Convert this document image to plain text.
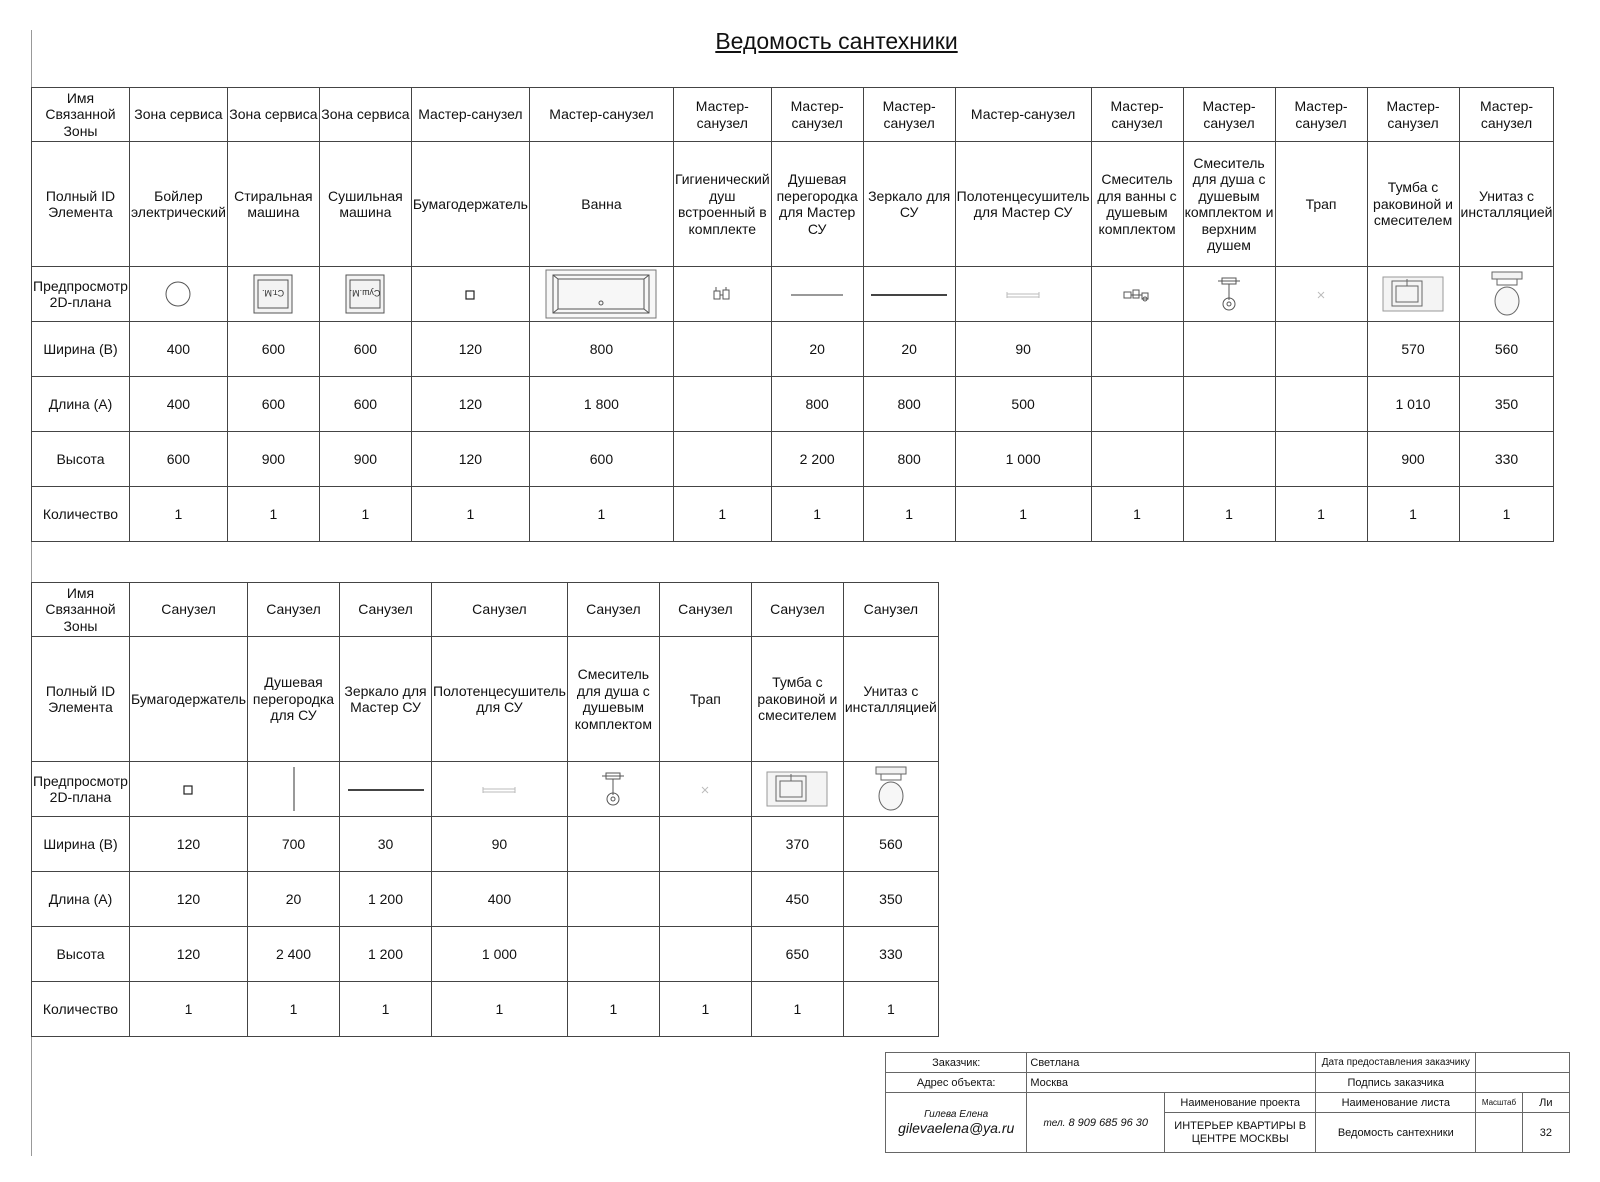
Ведомость сантехники
Имя Связанной Зоны	Зона сервиса	Зона сервиса	Зона сервиса	Мастер-санузел	Мастер-санузел	Мастер-санузел	Мастер-санузел	Мастер-санузел	Мастер-санузел	Мастер-санузел	Мастер-санузел	Мастер-санузел	Мастер-санузел	Мастер-санузел
Полный ID Элемента	Бойлер электрический	Стиральная машина	Сушильная машина	Бумагодержатель	Ванна	Гигиенический душ встроенный в комплекте	Душевая перегородка для Мастер СУ	Зеркало для СУ	Полотенцесушитель для Мастер СУ	Смеситель для ванны с душевым комплектом	Смеситель для душа с душевым комплектом и верхним душем	Трап	Тумба с раковиной и смесителем	Унитаз с инсталляцией
Предпросмотр 2D-плана		Ст.М.	Суш.М.

Ширина (В)	400	600	600	120	800		20	20	90				570	560
Длина (А)	400	600	600	120	1 800		800	800	500				1 010	350
Высота	600	900	900	120	600		2 200	800	1 000				900	330
Количество	1	1	1	1	1	1	1	1	1	1	1	1	1	1
Имя Связанной Зоны	Санузел	Санузел	Санузел	Санузел	Санузел	Санузел	Санузел	Санузел
Полный ID Элемента	Бумагодержатель	Душевая перегородка для СУ	Зеркало для Мастер СУ	Полотенцесушитель для СУ	Смеситель для душа с душевым комплектом	Трап	Тумба с раковиной и смесителем	Унитаз с инсталляцией
Предпросмотр 2D-плана	

Ширина (В)	120	700	30	90			370	560
Длина (А)	120	20	1 200	400			450	350
Высота	120	2 400	1 200	1 000			650	330
Количество	1	1	1	1	1	1	1	1
Заказчик:	Светлана		Дата предоставления заказчику		
Адрес объекта:	Москва		Подпись заказчика		

Гилева Елена
gilevaelena@ya.ru	тел. 8 909 685 96 30	Наименование проекта	Наименование листа	Масштаб	Ли
		ИНТЕРЬЕР КВАРТИРЫ В ЦЕНТРЕ МОСКВЫ	Ведомость сантехники		32
